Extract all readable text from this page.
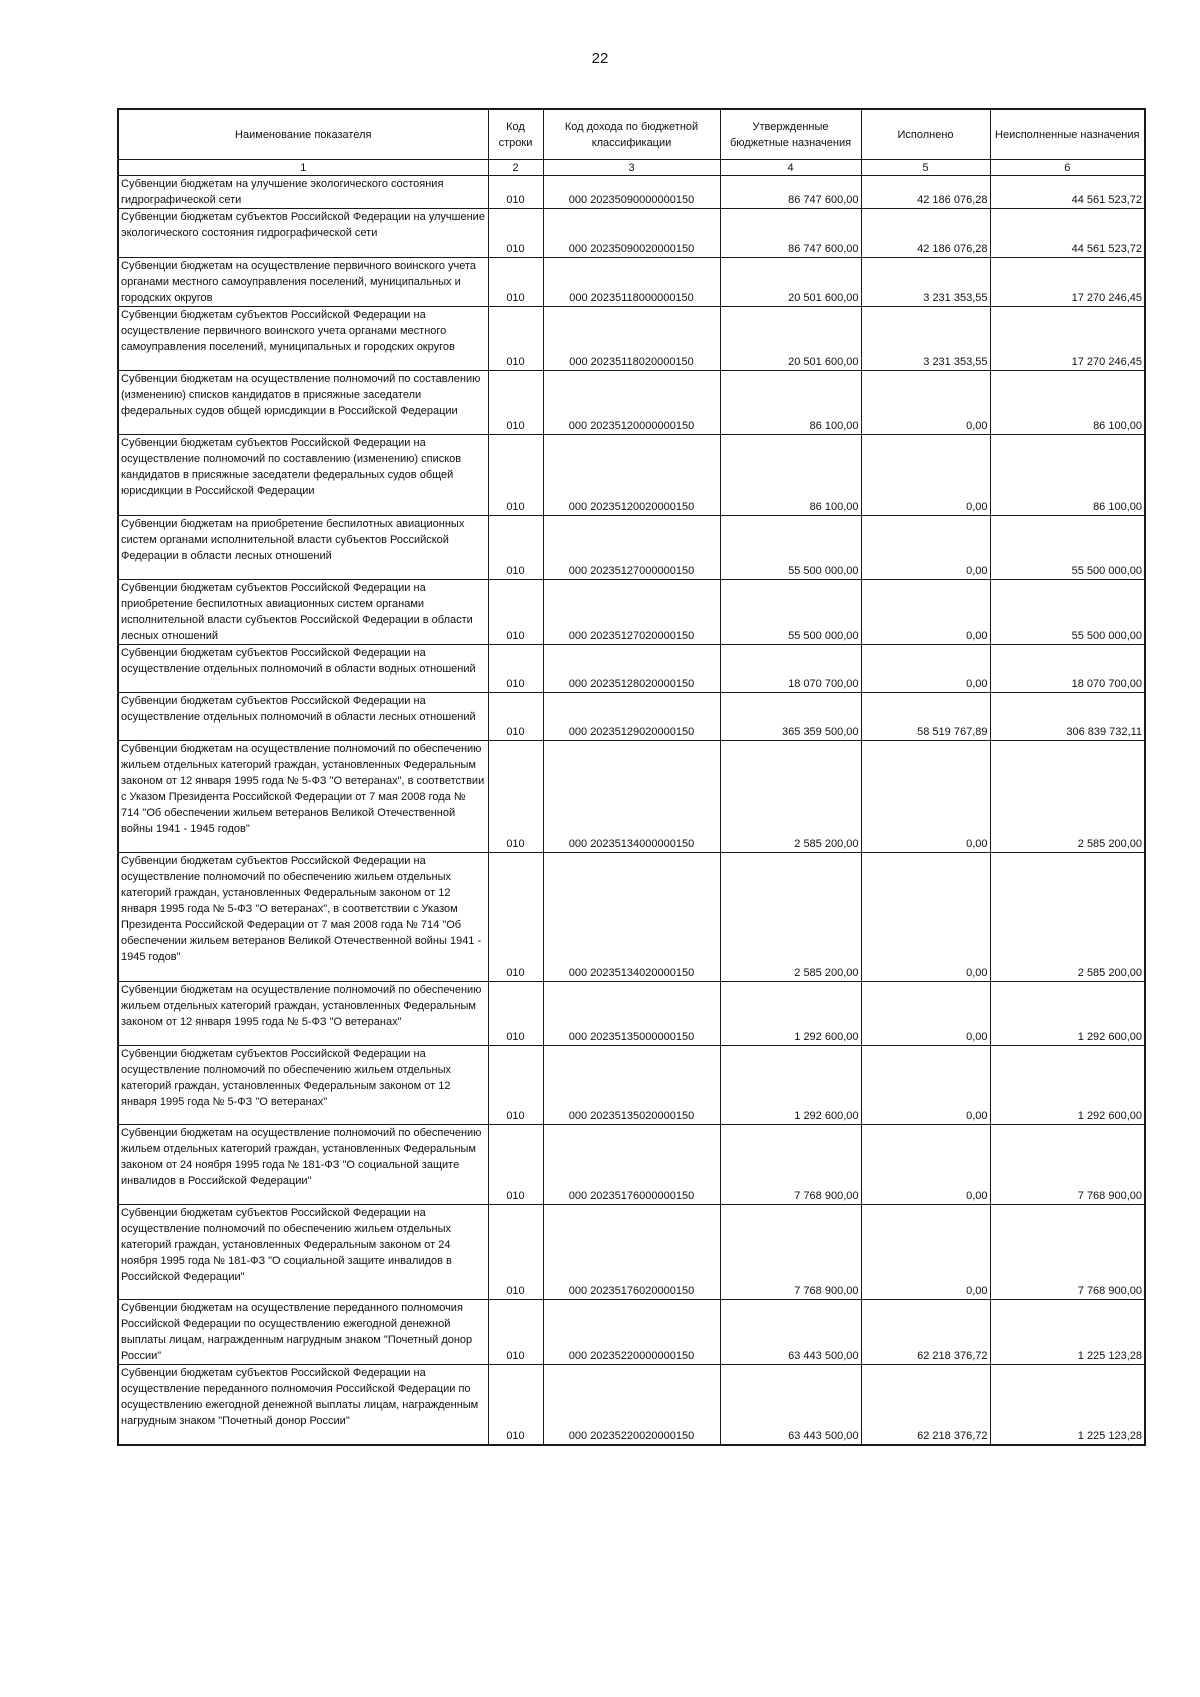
22
Наименование показателя	Код строки	Код дохода по бюджетной классификации	Утвержденные бюджетные назначения	Исполнено	Неисполненные назначения
1	2	3	4	5	6
Субвенции бюджетам на улучшение экологического состояния гидрографической сети	010	000 20235090000000150	86 747 600,00	42 186 076,28	44 561 523,72
Субвенции бюджетам субъектов Российской Федерации на улучшение экологического состояния гидрографической сети	010	000 20235090020000150	86 747 600,00	42 186 076,28	44 561 523,72
Субвенции бюджетам на осуществление первичного воинского учета органами местного самоуправления поселений, муниципальных и городских округов	010	000 20235118000000150	20 501 600,00	3 231 353,55	17 270 246,45
Субвенции бюджетам субъектов Российской Федерации на осуществление первичного воинского учета органами местного самоуправления поселений, муниципальных и городских округов	010	000 20235118020000150	20 501 600,00	3 231 353,55	17 270 246,45
Субвенции бюджетам на осуществление полномочий по составлению (изменению) списков кандидатов в присяжные заседатели федеральных судов общей юрисдикции в Российской Федерации	010	000 20235120000000150	86 100,00	0,00	86 100,00
Субвенции бюджетам субъектов Российской Федерации на осуществление полномочий по составлению (изменению) списков кандидатов в присяжные заседатели федеральных судов общей юрисдикции в Российской Федерации	010	000 20235120020000150	86 100,00	0,00	86 100,00
Субвенции бюджетам на приобретение беспилотных авиационных систем органами исполнительной власти субъектов Российской Федерации в области лесных отношений	010	000 20235127000000150	55 500 000,00	0,00	55 500 000,00
Субвенции бюджетам субъектов Российской Федерации на приобретение беспилотных авиационных систем органами исполнительной власти субъектов Российской Федерации в области лесных отношений	010	000 20235127020000150	55 500 000,00	0,00	55 500 000,00
Субвенции бюджетам субъектов Российской Федерации на осуществление отдельных полномочий в области водных отношений	010	000 20235128020000150	18 070 700,00	0,00	18 070 700,00
Субвенции бюджетам субъектов Российской Федерации на осуществление отдельных полномочий в области лесных отношений	010	000 20235129020000150	365 359 500,00	58 519 767,89	306 839 732,11
Субвенции бюджетам на осуществление полномочий по обеспечению жильем отдельных категорий граждан, установленных Федеральным законом от 12 января 1995 года № 5-ФЗ "О ветеранах", в соответствии с Указом Президента Российской Федерации от 7 мая 2008 года № 714 "Об обеспечении жильем ветеранов Великой Отечественной войны 1941 - 1945 годов"	010	000 20235134000000150	2 585 200,00	0,00	2 585 200,00
Субвенции бюджетам субъектов Российской Федерации на осуществление полномочий по обеспечению жильем отдельных категорий граждан, установленных Федеральным законом от 12 января 1995 года № 5-ФЗ "О ветеранах", в соответствии с Указом Президента Российской Федерации от 7 мая 2008 года № 714 "Об обеспечении жильем ветеранов Великой Отечественной войны 1941 - 1945 годов"	010	000 20235134020000150	2 585 200,00	0,00	2 585 200,00
Субвенции бюджетам на осуществление полномочий по обеспечению жильем отдельных категорий граждан, установленных Федеральным законом от 12 января 1995 года № 5-ФЗ "О ветеранах"	010	000 20235135000000150	1 292 600,00	0,00	1 292 600,00
Субвенции бюджетам субъектов Российской Федерации на осуществление полномочий по обеспечению жильем отдельных категорий граждан, установленных Федеральным законом от 12 января 1995 года № 5-ФЗ "О ветеранах"	010	000 20235135020000150	1 292 600,00	0,00	1 292 600,00
Субвенции бюджетам на осуществление полномочий по обеспечению жильем отдельных категорий граждан, установленных Федеральным законом от 24 ноября 1995 года № 181-ФЗ "О социальной защите инвалидов в Российской Федерации"	010	000 20235176000000150	7 768 900,00	0,00	7 768 900,00
Субвенции бюджетам субъектов Российской Федерации на осуществление полномочий по обеспечению жильем отдельных категорий граждан, установленных Федеральным законом от 24 ноября 1995 года № 181-ФЗ "О социальной защите инвалидов в Российской Федерации"	010	000 20235176020000150	7 768 900,00	0,00	7 768 900,00
Субвенции бюджетам на осуществление переданного полномочия Российской Федерации по осуществлению ежегодной денежной выплаты лицам, награжденным нагрудным знаком "Почетный донор России"	010	000 20235220000000150	63 443 500,00	62 218 376,72	1 225 123,28
Субвенции бюджетам субъектов Российской Федерации на осуществление переданного полномочия Российской Федерации по осуществлению ежегодной денежной выплаты лицам, награжденным нагрудным знаком "Почетный донор России"	010	000 20235220020000150	63 443 500,00	62 218 376,72	1 225 123,28
